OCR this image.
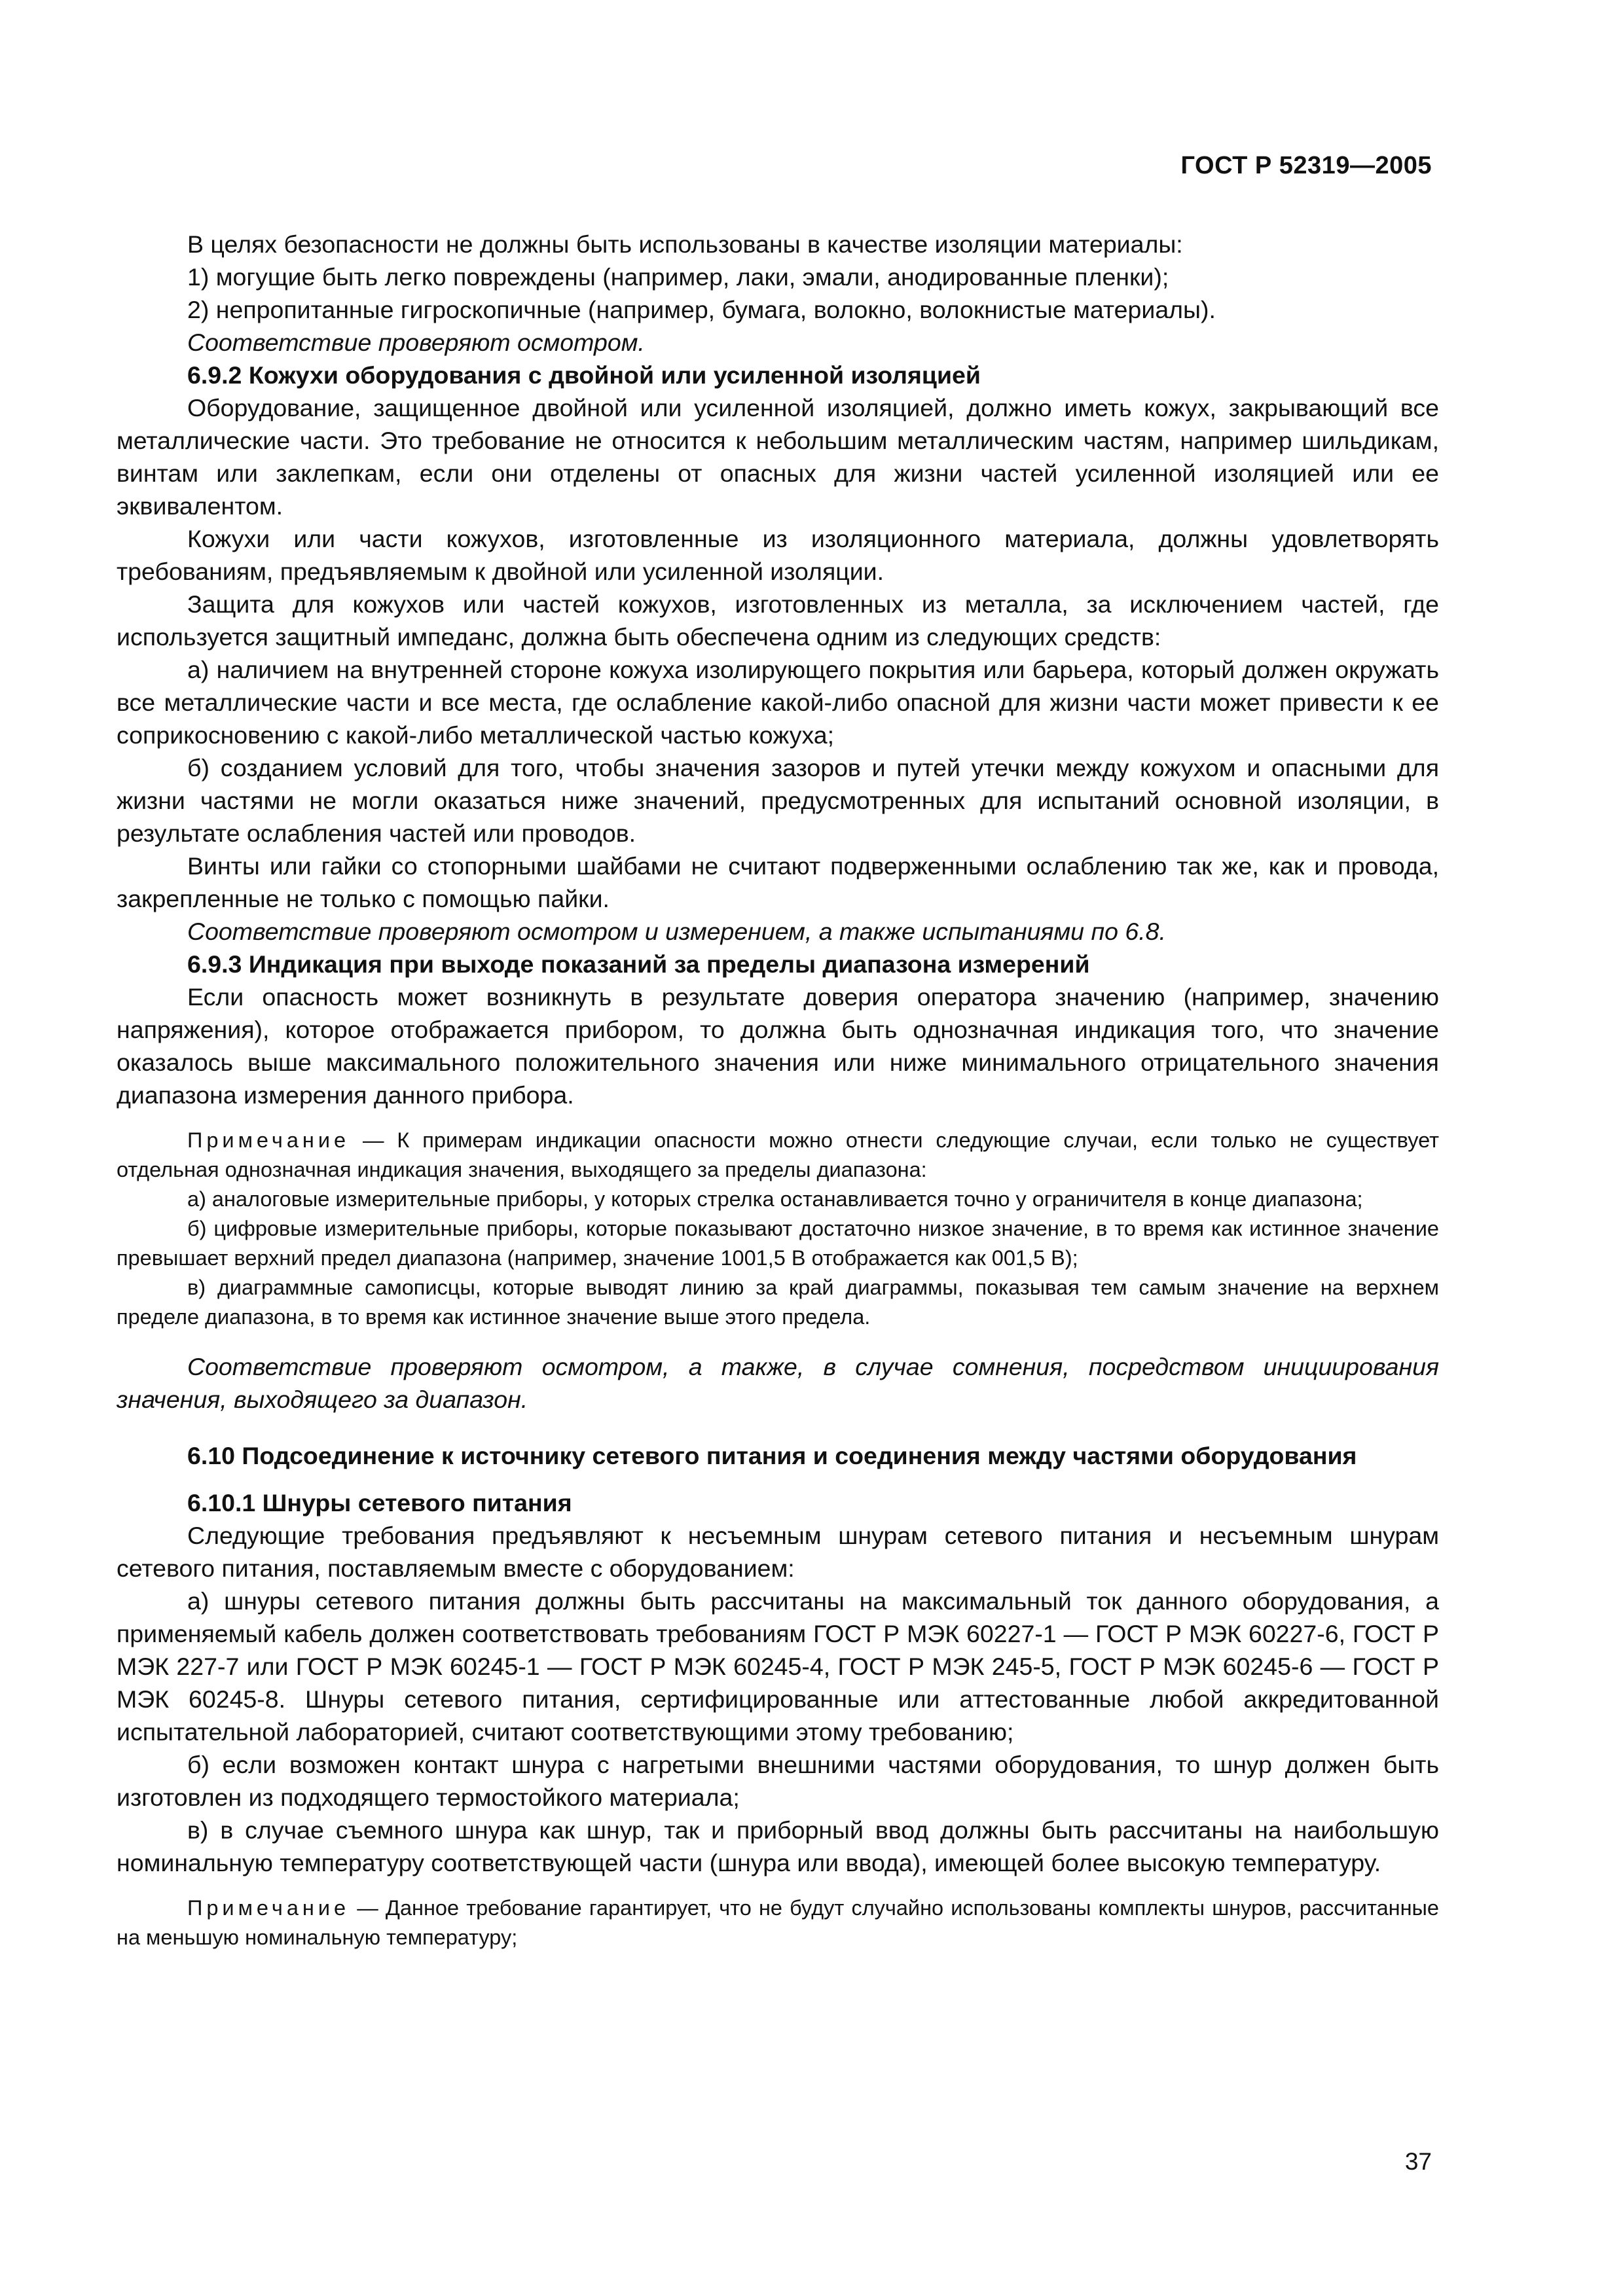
ГОСТ Р 52319—2005

В целях безопасности не должны быть использованы в качестве изоляции материалы:

1) могущие быть легко повреждены (например, лаки, эмали, анодированные пленки);

2) непропитанные гигроскопичные (например, бумага, волокно, волокнистые материалы).

Соответствие проверяют осмотром.

6.9.2 Кожухи оборудования с двойной или усиленной изоляцией

Оборудование, защищенное двойной или усиленной изоляцией, должно иметь кожух, закрывающий все металлические части. Это требование не относится к небольшим металлическим частям, например шильдикам, винтам или заклепкам, если они отделены от опасных для жизни частей усиленной изоляцией или ее эквивалентом.

Кожухи или части кожухов, изготовленные из изоляционного материала, должны удовлетворять требованиям, предъявляемым к двойной или усиленной изоляции.

Защита для кожухов или частей кожухов, изготовленных из металла, за исключением частей, где используется защитный импеданс, должна быть обеспечена одним из следующих средств:

а) наличием на внутренней стороне кожуха изолирующего покрытия или барьера, который должен окружать все металлические части и все места, где ослабление какой-либо опасной для жизни части может привести к ее соприкосновению с какой-либо металлической частью кожуха;

б) созданием условий для того, чтобы значения зазоров и путей утечки между кожухом и опасными для жизни частями не могли оказаться ниже значений, предусмотренных для испытаний основной изоляции, в результате ослабления частей или проводов.

Винты или гайки со стопорными шайбами не считают подверженными ослаблению так же, как и провода, закрепленные не только с помощью пайки.

Соответствие проверяют осмотром и измерением, а также испытаниями по 6.8.

6.9.3 Индикация при выходе показаний за пределы диапазона измерений

Если опасность может возникнуть в результате доверия оператора значению (например, значению напряжения), которое отображается прибором, то должна быть однозначная индикация того, что значение оказалось выше максимального положительного значения или ниже минимального отрицательного значения диапазона измерения данного прибора.

Примечание — К примерам индикации опасности можно отнести следующие случаи, если только не существует отдельная однозначная индикация значения, выходящего за пределы диапазона:

а) аналоговые измерительные приборы, у которых стрелка останавливается точно у ограничителя в конце диапазона;

б) цифровые измерительные приборы, которые показывают достаточно низкое значение, в то время как истинное значение превышает верхний предел диапазона (например, значение 1001,5 В отображается как 001,5 В);

в) диаграммные самописцы, которые выводят линию за край диаграммы, показывая тем самым значение на верхнем пределе диапазона, в то время как истинное значение выше этого предела.

Соответствие проверяют осмотром, а также, в случае сомнения, посредством инициирования значения, выходящего за диапазон.

6.10 Подсоединение к источнику сетевого питания и соединения между частями оборудования

6.10.1 Шнуры сетевого питания

Следующие требования предъявляют к несъемным шнурам сетевого питания и несъемным шнурам сетевого питания, поставляемым вместе с оборудованием:

а) шнуры сетевого питания должны быть рассчитаны на максимальный ток данного оборудования, а применяемый кабель должен соответствовать требованиям ГОСТ Р МЭК 60227-1 — ГОСТ Р МЭК 60227-6, ГОСТ Р МЭК 227-7 или ГОСТ Р МЭК 60245-1 — ГОСТ Р МЭК 60245-4, ГОСТ Р МЭК 245-5, ГОСТ Р МЭК 60245-6 — ГОСТ Р МЭК 60245-8. Шнуры сетевого питания, сертифицированные или аттестованные любой аккредитованной испытательной лабораторией, считают соответствующими этому требованию;

б) если возможен контакт шнура с нагретыми внешними частями оборудования, то шнур должен быть изготовлен из подходящего термостойкого материала;

в) в случае съемного шнура как шнур, так и приборный ввод должны быть рассчитаны на наибольшую номинальную температуру соответствующей части (шнура или ввода), имеющей более высокую температуру.

Примечание — Данное требование гарантирует, что не будут случайно использованы комплекты шнуров, рассчитанные на меньшую номинальную температуру;

37
